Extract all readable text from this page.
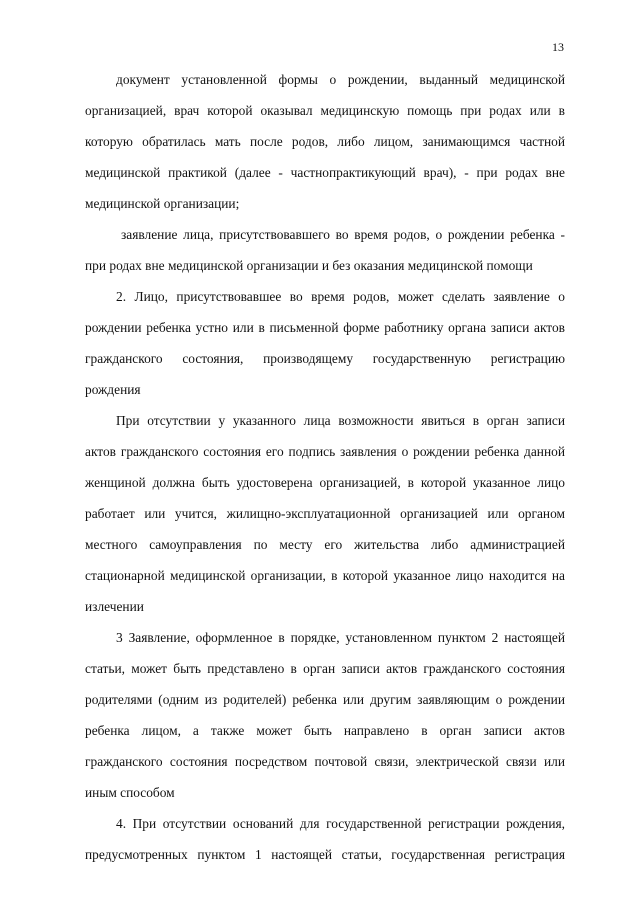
13
документ установленной формы о рождении, выданный медицинской
организацией, врач которой оказывал медицинскую помощь при родах или в
которую обратилась мать после родов, либо лицом, занимающимся частной
медицинской практикой (далее - частнопрактикующий врач), - при родах вне
медицинской организации;
заявление лица, присутствовавшего во время родов, о рождении ребенка -
при родах вне медицинской организации и без оказания медицинской помощи
2. Лицо, присутствовавшее во время родов, может сделать заявление о
рождении ребенка устно или в письменной форме работнику органа записи актов
гражданского состояния, производящему государственную регистрацию
рождения
При отсутствии у указанного лица возможности явиться в орган записи
актов гражданского состояния его подпись заявления о рождении ребенка данной
женщиной должна быть удостоверена организацией, в которой указанное лицо
работает или учится, жилищно-эксплуатационной организацией или органом
местного самоуправления по месту его жительства либо администрацией
стационарной медицинской организации, в которой указанное лицо находится на
излечении
3 Заявление, оформленное в порядке, установленном пунктом 2 настоящей
статьи, может быть представлено в орган записи актов гражданского состояния
родителями (одним из родителей) ребенка или другим заявляющим о рождении
ребенка лицом, а также может быть направлено в орган записи актов
гражданского состояния посредством почтовой связи, электрической связи или
иным способом
4. При отсутствии оснований для государственной регистрации рождения,
предусмотренных пунктом 1 настоящей статьи, государственная регистрация
